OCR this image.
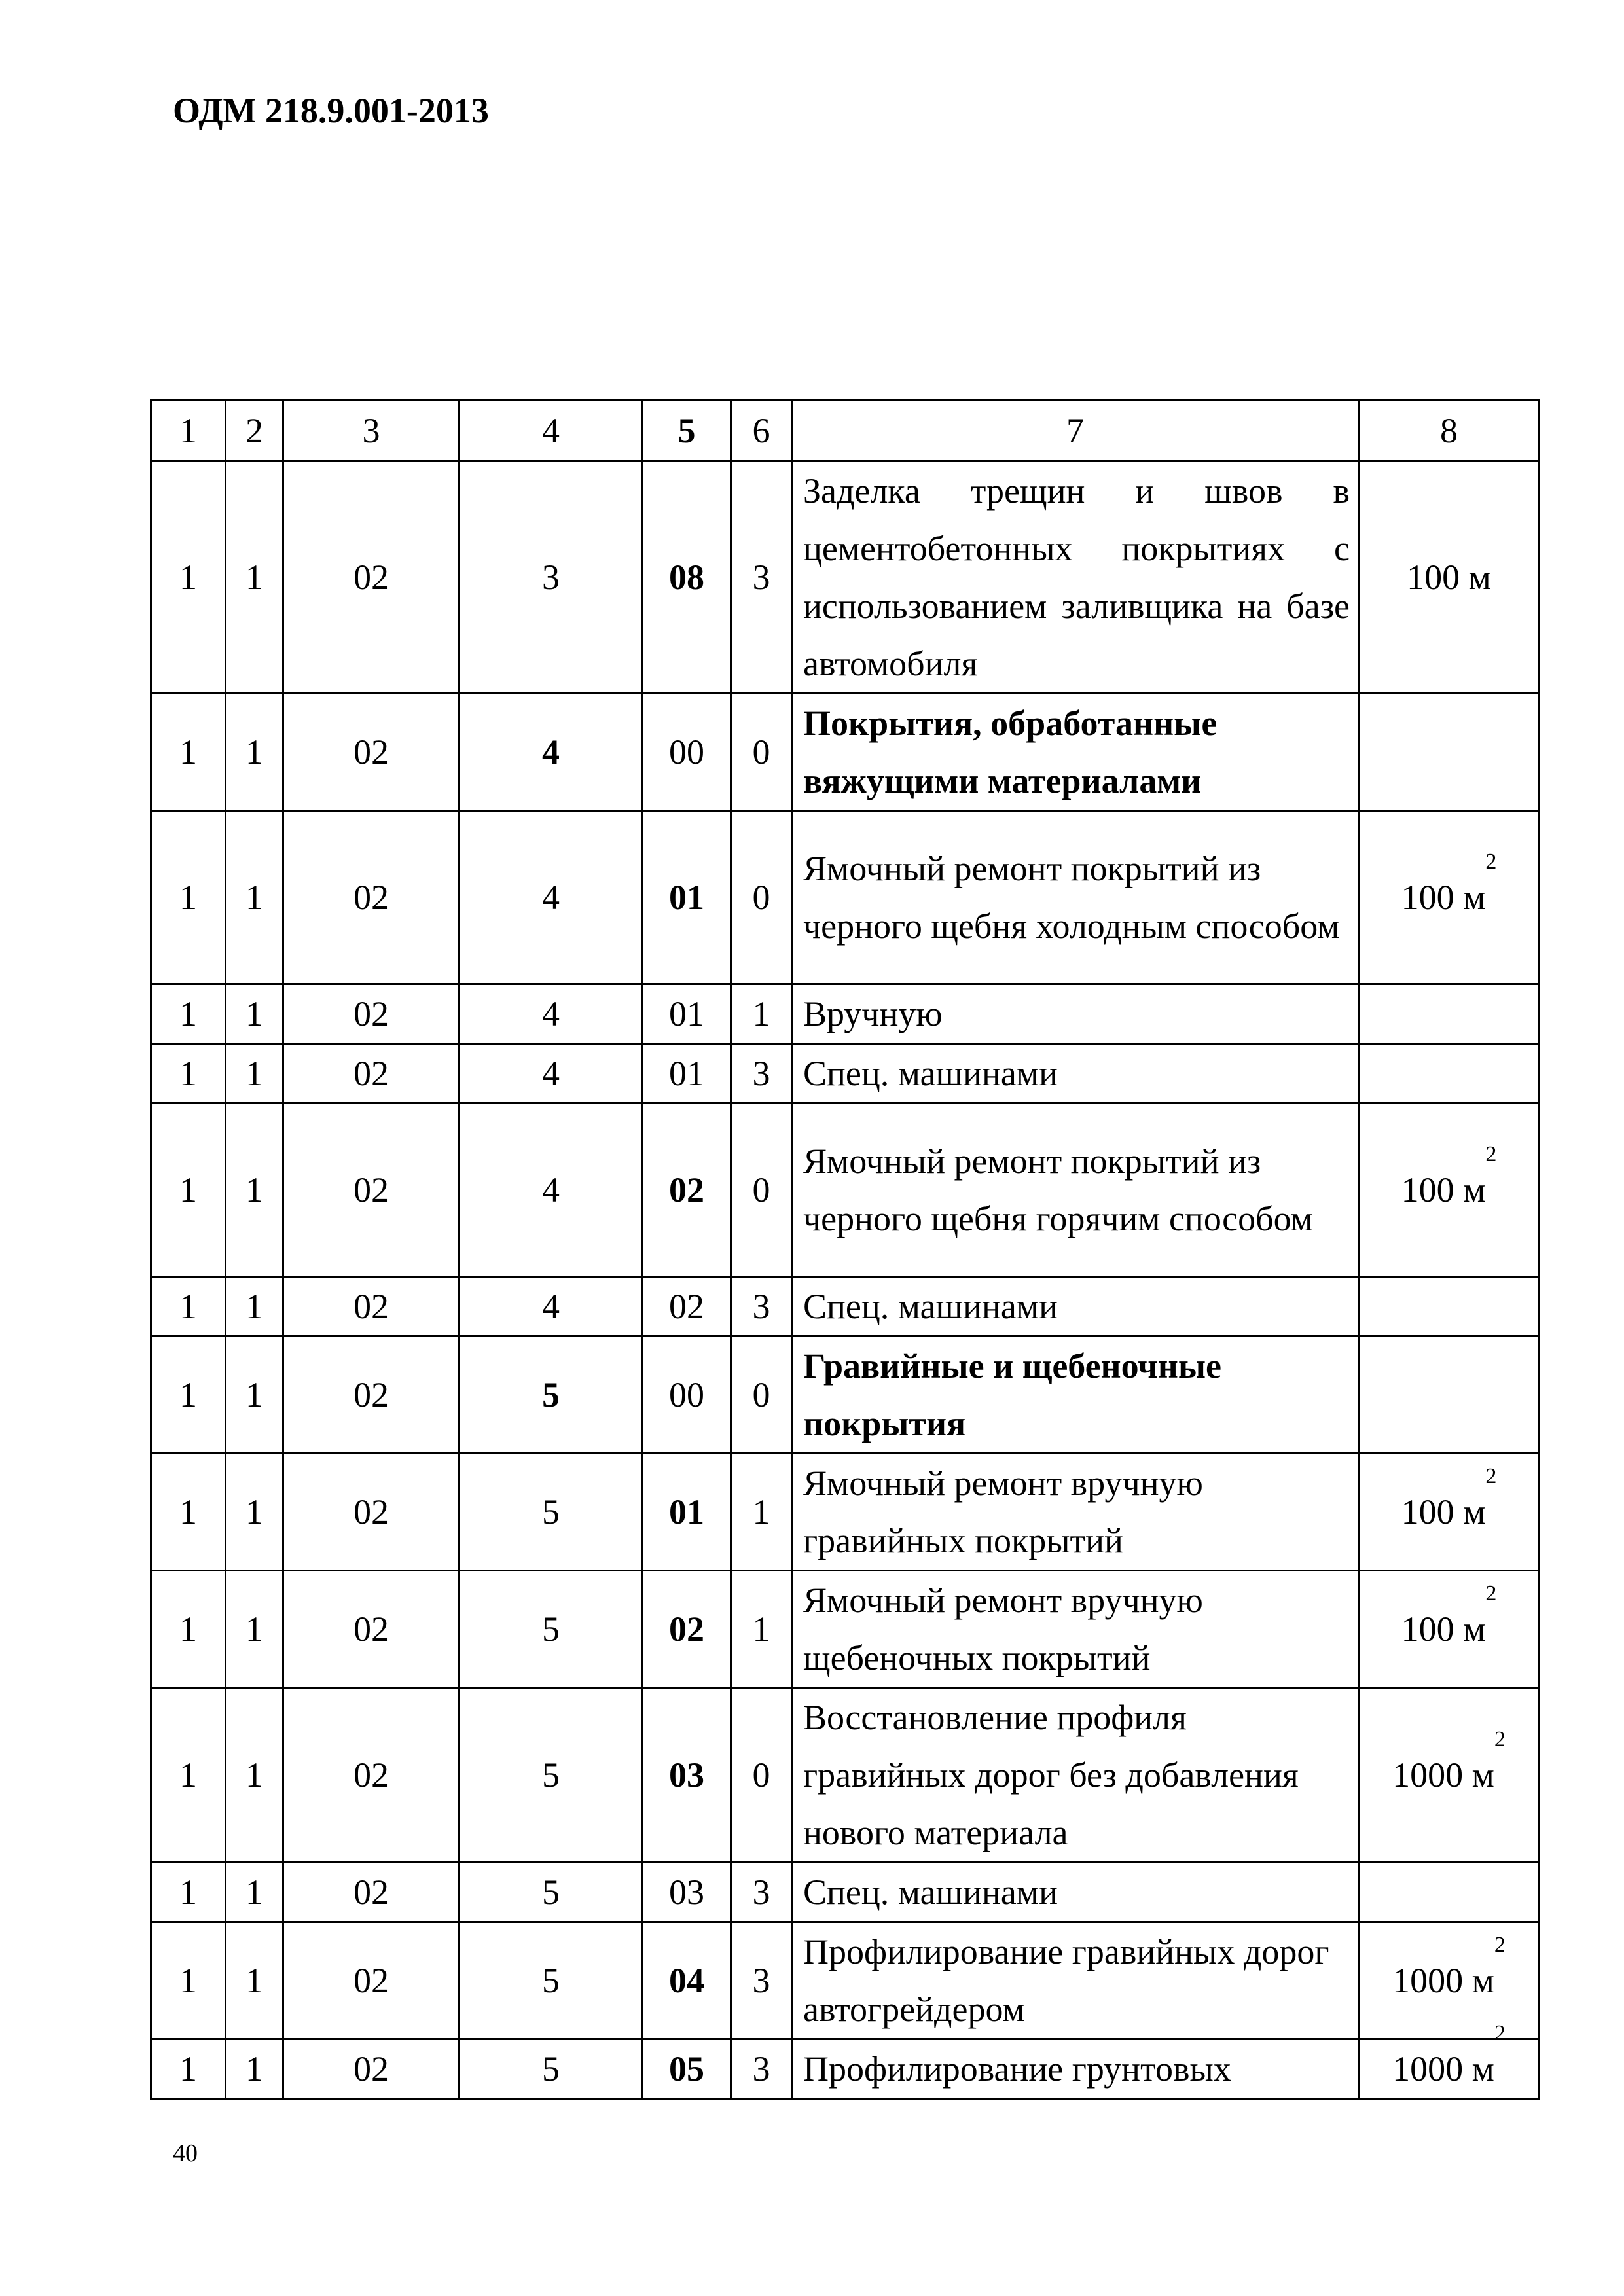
ОДМ 218.9.001-2013
1	2	3	4	5	6	7	8
1	1	02	3	08	3	Заделка трещин и швов в цементобетонных покрытиях с использованием заливщика на базе автомобиля	100 м
1	1	02	4	00	0	Покрытия, обработанные вяжущими материалами	
1	1	02	4	01	0	Ямочный ремонт покрытий из черного щебня холодным способом	100 $м^2$
1	1	02	4	01	1	Вручную	
1	1	02	4	01	3	Спец. машинами	
1	1	02	4	02	0	Ямочный ремонт покрытий из черного щебня горячим способом	100 $м^2$
1	1	02	4	02	3	Спец. машинами	
1	1	02	5	00	0	Гравийные и щебеночные покрытия	
1	1	02	5	01	1	Ямочный ремонт вручную гравийных покрытий	100 $м^2$
1	1	02	5	02	1	Ямочный ремонт вручную щебеночных покрытий	100 $м^2$
1	1	02	5	03	0	Восстановление профиля гравийных дорог без добавления нового материала	1000 $м^2$
1	1	02	5	03	3	Спец. машинами	
1	1	02	5	04	3	Профилирование гравийных дорог автогрейдером	1000 $м^2$
1	1	02	5	05	3	Профилирование грунтовых	1000 $м^2$
40
